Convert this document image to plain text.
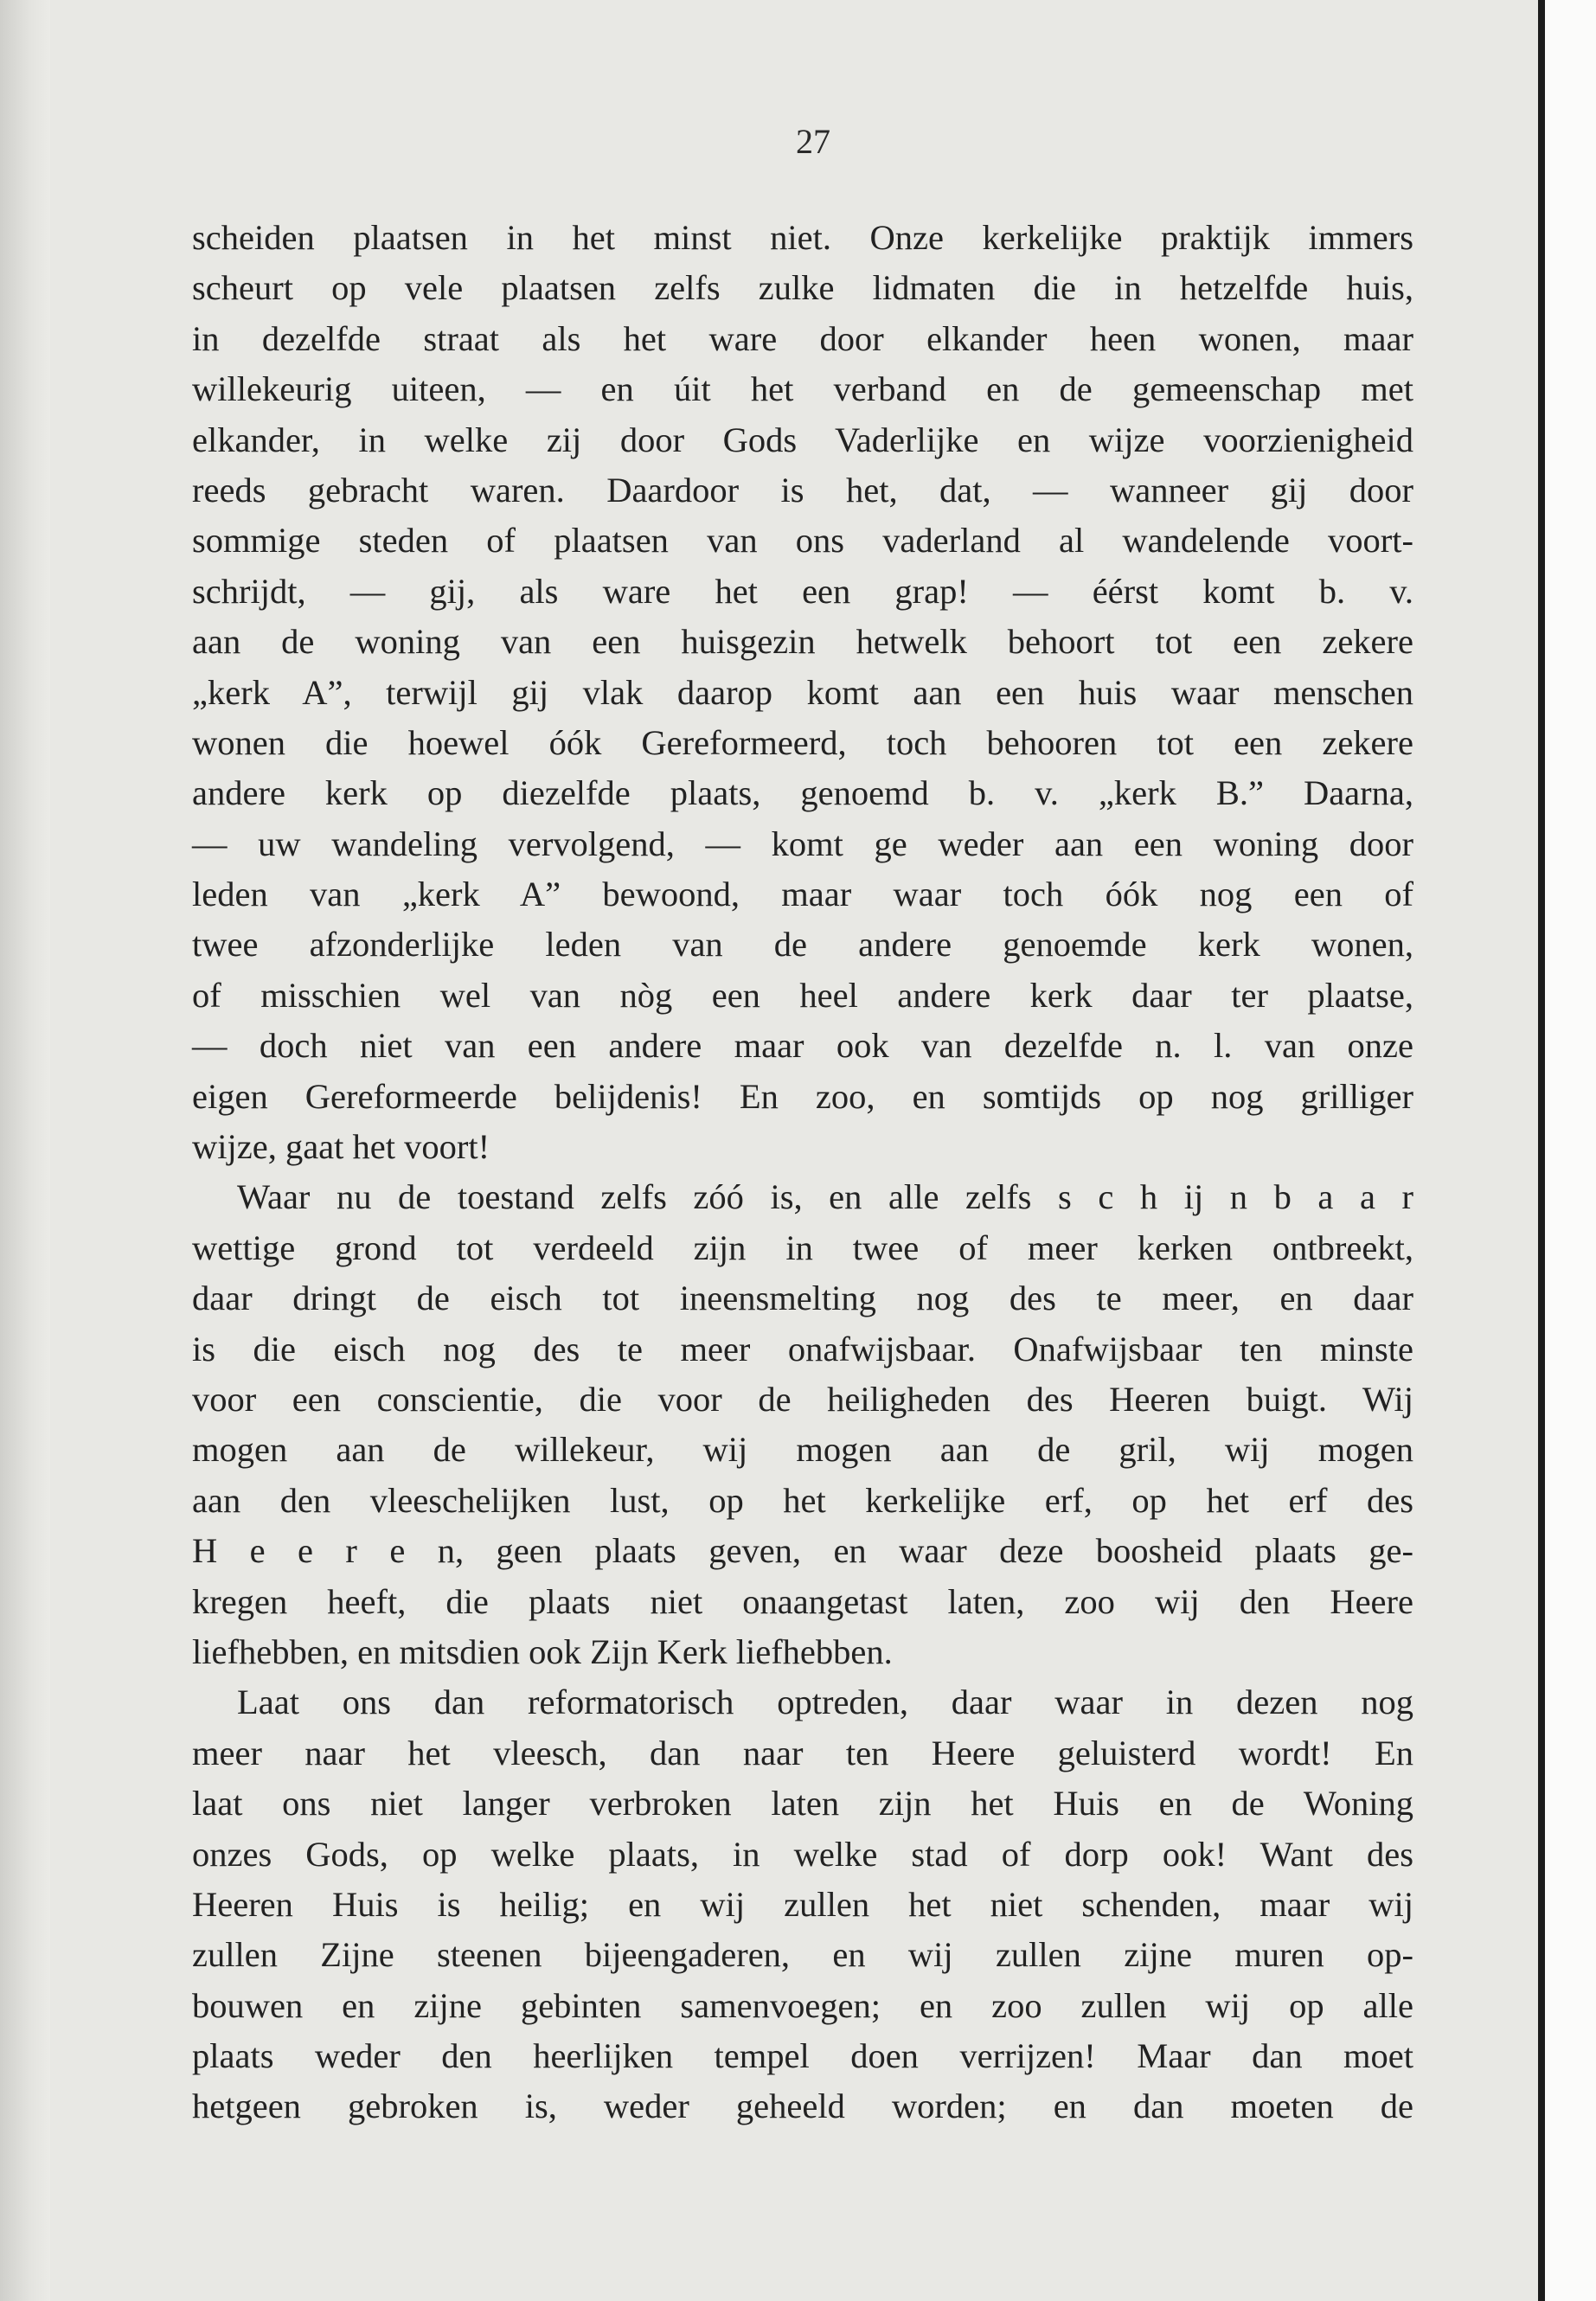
27
scheiden plaatsen in het minst niet. Onze kerkelijke praktijk immers
scheurt op vele plaatsen zelfs zulke lidmaten die in hetzelfde huis,
in dezelfde straat als het ware door elkander heen wonen, maar
willekeurig uiteen, — en úit het verband en de gemeenschap met
elkander, in welke zij door Gods Vaderlijke en wijze voorzienigheid
reeds gebracht waren. Daardoor is het, dat, — wanneer gij door
sommige steden of plaatsen van ons vaderland al wandelende voort-
schrijdt, — gij, als ware het een grap! — éérst komt b. v.
aan de woning van een huisgezin hetwelk behoort tot een zekere
„kerk A”, terwijl gij vlak daarop komt aan een huis waar menschen
wonen die hoewel óók Gereformeerd, toch behooren tot een zekere
andere kerk op diezelfde plaats, genoemd b. v. „kerk B.” Daarna,
— uw wandeling vervolgend, — komt ge weder aan een woning door
leden van „kerk A” bewoond, maar waar toch óók nog een of
twee afzonderlijke leden van de andere genoemde kerk wonen,
of misschien wel van nòg een heel andere kerk daar ter plaatse,
— doch niet van een andere maar ook van dezelfde n. l. van onze
eigen Gereformeerde belijdenis! En zoo, en somtijds op nog grilliger
wijze, gaat het voort!
Waar nu de toestand zelfs zóó is, en alle zelfs s c h ij n b a a r
wettige grond tot verdeeld zijn in twee of meer kerken ontbreekt,
daar dringt de eisch tot ineensmelting nog des te meer, en daar
is die eisch nog des te meer onafwijsbaar. Onafwijsbaar ten minste
voor een conscientie, die voor de heiligheden des Heeren buigt. Wij
mogen aan de willekeur, wij mogen aan de gril, wij mogen
aan den vleeschelijken lust, op het kerkelijke erf, op het erf des
H e e r e n, geen plaats geven, en waar deze boosheid plaats ge-
kregen heeft, die plaats niet onaangetast laten, zoo wij den Heere
liefhebben, en mitsdien ook Zijn Kerk liefhebben.
Laat ons dan reformatorisch optreden, daar waar in dezen nog
meer naar het vleesch, dan naar ten Heere geluisterd wordt! En
laat ons niet langer verbroken laten zijn het Huis en de Woning
onzes Gods, op welke plaats, in welke stad of dorp ook! Want des
Heeren Huis is heilig; en wij zullen het niet schenden, maar wij
zullen Zijne steenen bijeengaderen, en wij zullen zijne muren op-
bouwen en zijne gebinten samenvoegen; en zoo zullen wij op alle
plaats weder den heerlijken tempel doen verrijzen! Maar dan moet
hetgeen gebroken is, weder geheeld worden; en dan moeten de
